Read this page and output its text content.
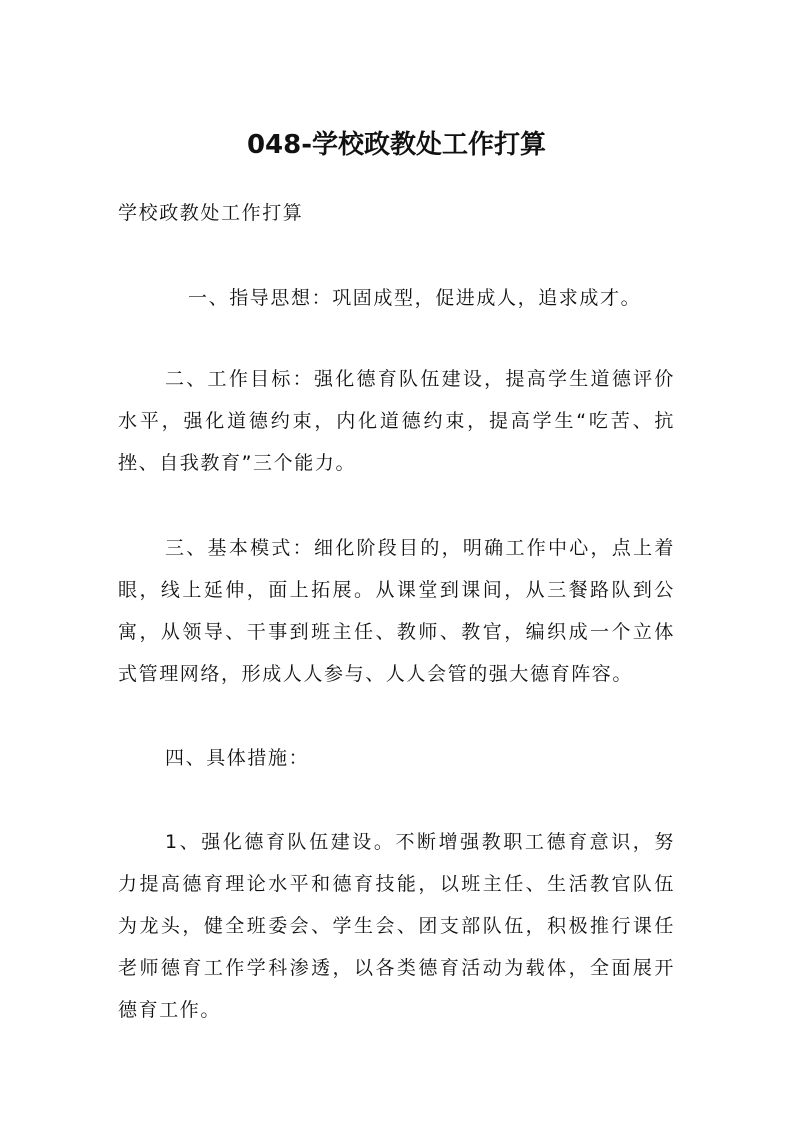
048-学校政教处工作打算
学校政教处工作打算
一、指导思想：巩固成型，促进成人，追求成才。
二、工作目标：强化德育队伍建设，提高学生道德评价
水平，强化道德约束，内化道德约束，提高学生“吃苦、抗
挫、自我教育”三个能力。
三、基本模式：细化阶段目的，明确工作中心，点上着
眼，线上延伸，面上拓展。从课堂到课间，从三餐路队到公
寓，从领导、干事到班主任、教师、教官，编织成一个立体
式管理网络，形成人人参与、人人会管的强大德育阵容。
四、具体措施：
1、强化德育队伍建设。不断增强教职工德育意识，努
力提高德育理论水平和德育技能，以班主任、生活教官队伍
为龙头，健全班委会、学生会、团支部队伍，积极推行课任
老师德育工作学科渗透，以各类德育活动为载体，全面展开
德育工作。
